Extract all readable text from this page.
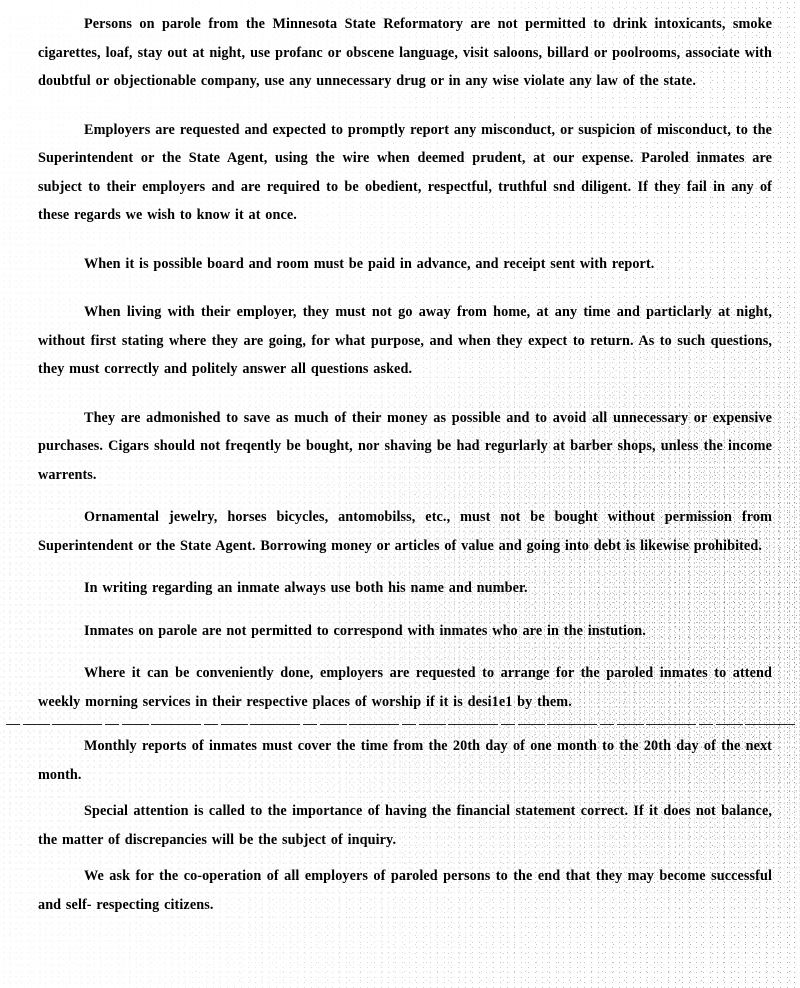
Persons on parole from the Minnesota State Reformatory are not permitted to drink intoxicants, smoke cigarettes, loaf, stay out at night, use profanc or obscene language, visit saloons, billard or poolrooms, associate with doubtful or objectionable company, use any unnecessary drug or in any wise violate any law of the state.

Employers are requested and expected to promptly report any misconduct, or suspicion of misconduct, to the Superintendent or the State Agent, using the wire when deemed prudent, at our expense. Paroled inmates are subject to their employers and are required to be obedient, respectful, truthful snd diligent. If they fail in any of these regards we wish to know it at once.

When it is possible board and room must be paid in advance, and receipt sent with report.

When living with their employer, they must not go away from home, at any time and particlarly at night, without first stating where they are going, for what purpose, and when they expect to return. As to such questions, they must correctly and politely answer all questions asked.

They are admonished to save as much of their money as possible and to avoid all unnecessary or expensive purchases. Cigars should not freqently be bought, nor shaving be had regurlarly at barber shops, unless the income warrents.

Ornamental jewelry, horses bicycles, antomobilss, etc., must not be bought without permission from Superintendent or the State Agent. Borrowing money or articles of value and going into debt is likewise prohibited.

In writing regarding an inmate always use both his name and number.

Inmates on parole are not permitted to correspond with inmates who are in the instution.

Where it can be conveniently done, employers are requested to arrange for the paroled inmates to attend weekly morning services in their respective places of worship if it is desi1e1 by them.

Monthly reports of inmates must cover the time from the 20th day of one month to the 20th day of the next month.

Special attention is called to the importance of having the financial statement correct. If it does not balance, the matter of discrepancies will be the subject of inquiry.

We ask for the co-operation of all employers of paroled persons to the end that they may become successful and self- respecting citizens.
